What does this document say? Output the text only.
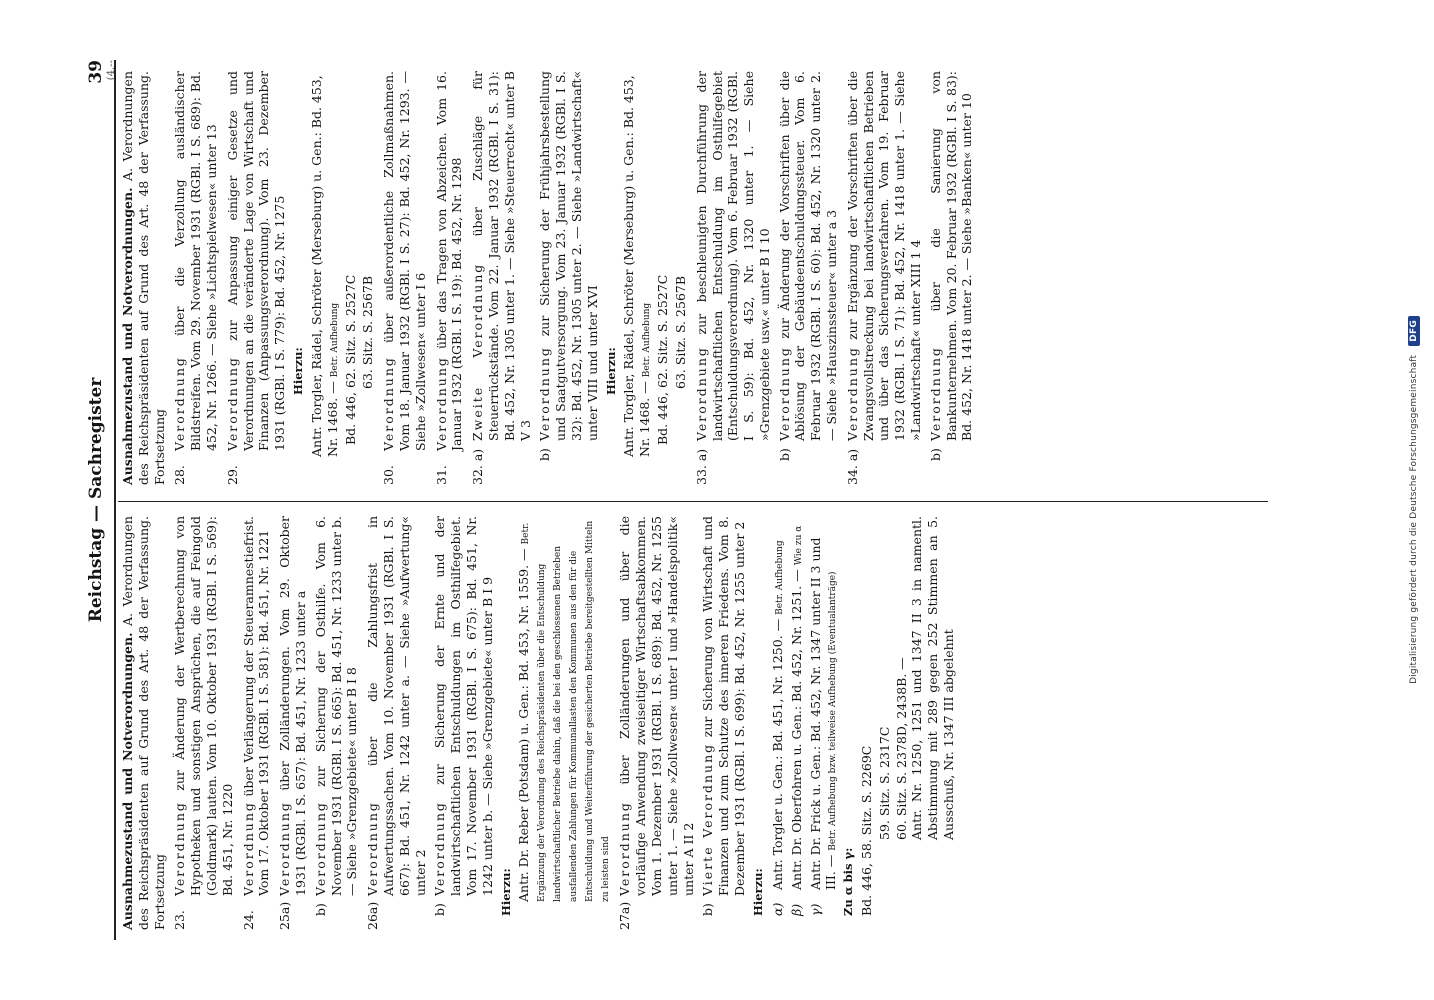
Reichstag — Sachregister
39 (4.--

Ausnahmezustand und Notverordnungen. A. Verordnungen des Reichspräsidenten auf Grund des Art. 48 der Verfassung. Fortsetzung 23.
Verordnung zur Änderung der Wertberechnung von Hypotheken und sonstigen Ansprüchen, die auf Feingold (Goldmark) lauten. Vom 10. Oktober 1931 (RGBl. I S. 569): Bd. 451, Nr. 1220
24.
Verordnung über Verlängerung der Steueramnestiefrist. Vom 17. Oktober 1931 (RGBl. I S. 581): Bd. 451, Nr. 1221
25a)
Verordnung über Zolländerungen. Vom 29. Oktober 1931 (RGBl. I S. 657): Bd. 451, Nr. 1233 unter a
b)
Verordnung zur Sicherung der Osthilfe. Vom 6. November 1931 (RGBl. I S. 665): Bd. 451, Nr. 1233 unter b. — Siehe »Grenzgebiete« unter B I 8
26a)
Verordnung über die Zahlungsfrist in Aufwertungssachen. Vom 10. November 1931 (RGBl. I S. 667): Bd. 451, Nr. 1242 unter a. — Siehe »Aufwertung« unter 2
b)
Verordnung zur Sicherung der Ernte und der landwirtschaftlichen Entschuldungen im Osthilfegebiet. Vom 17. November 1931 (RGBl. I S. 675): Bd. 451, Nr. 1242 unter b. — Siehe »Grenzgebiete« unter B I 9 Hierzu: Antr. Dr. Reber (Potsdam) u. Gen.: Bd. 453, Nr. 1559. — Betr. Ergänzung der Verordnung des Reichspräsidenten über die Entschuldung landwirtschaftlicher Betriebe dahin, daß die bei den geschlossenen Betrieben ausfallenden Zahlungen für Kommunallasten den Kommunen aus den für die Entschuldung und Weiterführung der gesicherten Betriebe bereitgestellten Mitteln zu leisten sind
27a)
Verordnung über Zolländerungen und über die vorläufige Anwendung zweiseitiger Wirtschaftsabkommen. Vom 1. Dezember 1931 (RGBl. I S. 689): Bd. 452, Nr. 1255 unter 1. — Siehe »Zollwesen« unter I und »Handelspolitik« unter A II 2
b)
Vierte Verordnung zur Sicherung von Wirtschaft und Finanzen und zum Schutze des inneren Friedens. Vom 8. Dezember 1931 (RGBl. I S. 699): Bd. 452, Nr. 1255 unter 2 Hierzu: α)
Antr. Torgler u. Gen.: Bd. 451, Nr. 1250. — Betr. Aufhebung
β)
Antr. Dr. Oberfohren u. Gen.: Bd. 452, Nr. 1251. — Wie zu α
γ)
Antr. Dr. Frick u. Gen.: Bd. 452, Nr. 1347 unter II 3 und III. — Betr. Aufhebung bzw. teilweise Aufhebung (Eventualanträge)
Zu α bis γ: Bd. 446, 58. Sitz. S. 2269C 59. Sitz. S. 2317C 60. Sitz. S. 2378D, 2438B. — Antr. Nr. 1250, 1251 und 1347 II 3 in namentl. Abstimmung mit 289 gegen 252 Stimmen an 5. Ausschuß, Nr. 1347 III abgelehnt

Ausnahmezustand und Notverordnungen. A. Verordnungen des Reichspräsidenten auf Grund des Art. 48 der Verfassung. Fortsetzung 28.
Verordnung über die Verzollung ausländischer Bildstreifen. Vom 29. November 1931 (RGBl. I S. 689): Bd. 452, Nr. 1266. — Siehe »Lichtspielwesen« unter 13
29.
Verordnung zur Anpassung einiger Gesetze und Verordnungen an die veränderte Lage von Wirtschaft und Finanzen (Anpassungsverordnung). Vom 23. Dezember 1931 (RGBl. I S. 779): Bd. 452, Nr. 1275 Hierzu: Antr. Torgler, Rädel, Schröter (Merseburg) u. Gen.: Bd. 453, Nr. 1468. — Betr. Aufhebung Bd. 446, 62. Sitz. S. 2527C 63. Sitz. S. 2567B
30.
Verordnung über außerordentliche Zollmaßnahmen. Vom 18. Januar 1932 (RGBl. I S. 27): Bd. 452, Nr. 1293. — Siehe »Zollwesen« unter I 6
31.
Verordnung über das Tragen von Abzeichen. Vom 16. Januar 1932 (RGBl. I S. 19): Bd. 452, Nr. 1298
32. a)
Zweite Verordnung über Zuschläge für Steuerrückstände. Vom 22. Januar 1932 (RGBl. I S. 31): Bd. 452, Nr. 1305 unter 1. — Siehe »Steuerrecht« unter B V 3
b)
Verordnung zur Sicherung der Frühjahrsbestellung und Saatgutversorgung. Vom 23. Januar 1932 (RGBl. I S. 32): Bd. 452, Nr. 1305 unter 2. — Siehe »Landwirtschaft« unter VIII und unter XVI Hierzu: Antr. Torgler, Rädel, Schröter (Merseburg) u. Gen.: Bd. 453, Nr. 1468. — Betr. Aufhebung Bd. 446, 62. Sitz. S. 2527C 63. Sitz. S. 2567B
33. a)
Verordnung zur beschleunigten Durchführung der landwirtschaftlichen Entschuldung im Osthilfegebiet (Entschuldungsverordnung). Vom 6. Februar 1932 (RGBl. I S. 59): Bd. 452, Nr. 1320 unter 1. — Siehe »Grenzgebiete usw.« unter B I 10
b)
Verordnung zur Änderung der Vorschriften über die Ablösung der Gebäudeentschuldungssteuer. Vom 6. Februar 1932 (RGBl. I S. 60): Bd. 452, Nr. 1320 unter 2. — Siehe »Hauszinssteuer« unter a 3
34. a)
Verordnung zur Ergänzung der Vorschriften über die Zwangsvollstreckung bei landwirtschaftlichen Betrieben und über das Sicherungsverfahren. Vom 19. Februar 1932 (RGBl. I S. 71): Bd. 452, Nr. 1418 unter 1. — Siehe »Landwirtschaft« unter XIII 1 4
b)
Verordnung über die Sanierung von Bankunternehmen. Vom 20. Februar 1932 (RGBl. I S. 83): Bd. 452, Nr. 1418 unter 2. — Siehe »Banken« unter 10
Digitalisierung gefördert durch die Deutsche Forschungsgemeinschaft DFG
